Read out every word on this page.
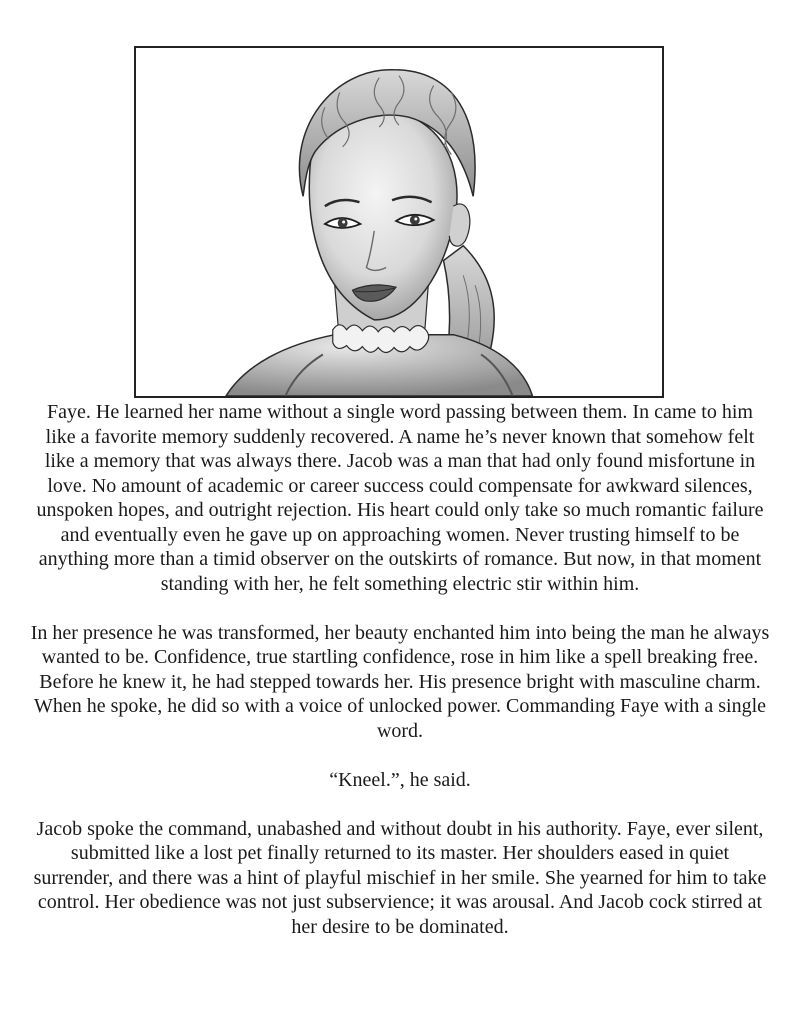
Faye. He learned her name without a single word passing between them. In came to him like a favorite memory suddenly recovered. A name he’s never known that somehow felt like a memory that was always there. Jacob was a man that had only found misfortune in love. No amount of academic or career success could compensate for awkward silences, unspoken hopes, and outright rejection. His heart could only take so much romantic failure and eventually even he gave up on approaching women. Never trusting himself to be anything more than a timid observer on the outskirts of romance. But now, in that moment standing with her, he felt something electric stir within him.

In her presence he was transformed, her beauty enchanted him into being the man he always wanted to be. Confidence, true startling confidence, rose in him like a spell breaking free. Before he knew it, he had stepped towards her. His presence bright with masculine charm. When he spoke, he did so with a voice of unlocked power. Commanding Faye with a single word.

“Kneel.”, he said.

Jacob spoke the command, unabashed and without doubt in his authority. Faye, ever silent, submitted like a lost pet finally returned to its master. Her shoulders eased in quiet surrender, and there was a hint of playful mischief in her smile. She yearned for him to take control. Her obedience was not just subservience; it was arousal. And Jacob cock stirred at her desire to be dominated.
